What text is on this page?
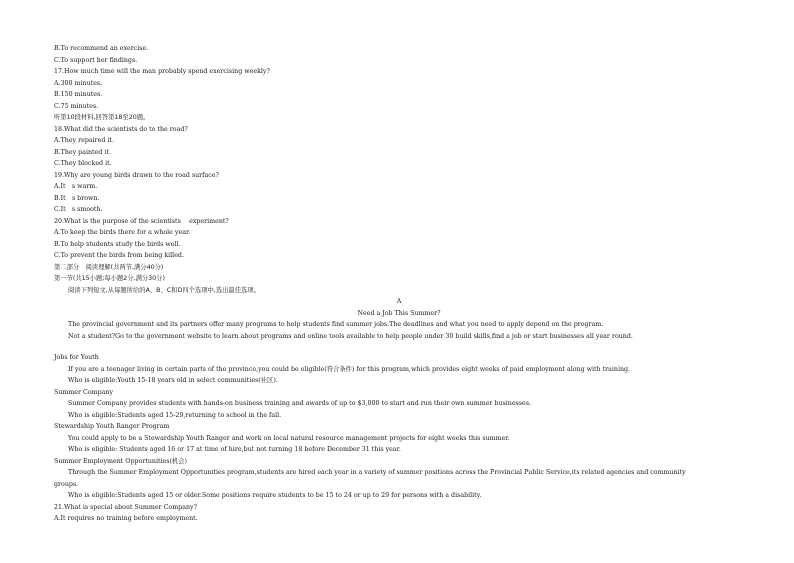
B.To recommend an exercise.
C.To support her findings.
17.How much time will the man probably spend exercising weekly?
A.300 minutes.
B.150 minutes.
C.75 minutes.
听第10段材料,回答第18至20题。
18.What did the scientists do to the road?
A.They repaired it.
B.They painted it.
C.They blocked it.
19.Why are young birds drawn to the road surface?
A.It　s warm.
B.It　s brown.
C.It　s smooth.
20.What is the purpose of the scientists　 experiment?
A.To keep the birds there for a whole year.
B.To help students study the birds well.
C.To prevent the birds from being killed.
第二部分　阅读理解(共两节,满分40分)
第一节(共15小题;每小题2分,满分30分)
阅读下列短文,从每题所给的A、B、C和D四个选项中,选出最佳选项。
A
Need a Job This Summer?
The provincial government and its partners offer many programs to help students find summer jobs.The deadlines and what you need to apply depend on the program.
Not a student?Go to the government website to learn about programs and online tools available to help people under 30 build skills,find a job or start businesses all year round.
Jobs for Youth
If you are a teenager living in certain parts of the province,you could be eligible(符合条件) for this program,which provides eight weeks of paid employment along with training.
Who is eligible:Youth 15-18 years old in select communities(社区).
Summer Company
Summer Company provides students with hands-on business training and awards of up to $3,000 to start and run their own summer businesses.
Who is eligible:Students aged 15-29,returning to school in the fall.
Stewardship Youth Ranger Program
You could apply to be a Stewardship Youth Ranger and work on local natural resource management projects for eight weeks this summer.
Who is eligible: Students aged 16 or 17 at time of hire,but not turning 18 before December 31 this year.
Summer Employment Opportunities(机会)
Through the Summer Employment Opportunities program,students are hired each year in a variety of summer positions across the Provincial Public Service,its related agencies and community
groups.
Who is eligible:Students aged 15 or older.Some positions require students to be 15 to 24 or up to 29 for persons with a disability.
21.What is special about Summer Company?
A.It requires no training before employment.
